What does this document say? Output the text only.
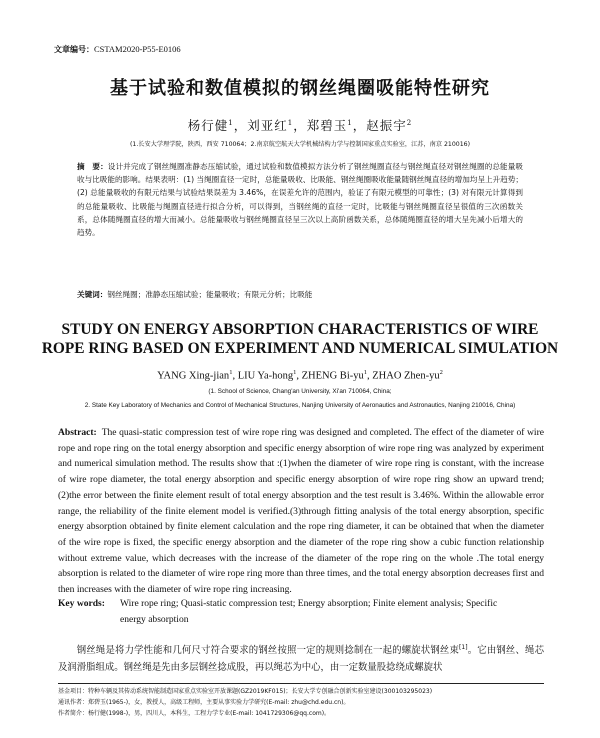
文章编号：CSTAM2020-P55-E0106
基于试验和数值模拟的钢丝绳圈吸能特性研究
杨行健$^1$，刘亚红$^1$，郑碧玉$^1$，赵振宇$^2$
(1.长安大学理学院，陕西，西安 710064；2.南京航空航天大学机械结构力学与控制国家重点实验室，江苏，南京 210016)
摘　要：设计并完成了钢丝绳圈准静态压缩试验，通过试验和数值模拟方法分析了钢丝绳圈直径与钢丝绳直径对钢丝绳圈的总能量吸收与比吸能的影响。结果表明：(1) 当绳圈直径一定时，总能量吸收、比吸能、钢丝绳圈吸收能量随钢丝绳直径的增加均呈上升趋势；(2) 总能量吸收的有限元结果与试验结果误差为 3.46%，在误差允许的范围内，验证了有限元模型的可靠性；(3) 对有限元计算得到的总能量吸收、比吸能与绳圈直径进行拟合分析，可以得到，当钢丝绳的直径一定时，比吸能与钢丝绳圈直径呈很值的三次函数关系，总体随绳圈直径的增大而减小。总能量吸收与钢丝绳圈直径呈三次以上高阶函数关系，总体随绳圈直径的增大呈先减小后增大的趋势。
关键词：钢丝绳圈；准静态压缩试验；能量吸收；有限元分析；比吸能
STUDY ON ENERGY ABSORPTION CHARACTERISTICS OF WIRE ROPE RING BASED ON EXPERIMENT AND NUMERICAL SIMULATION
YANG Xing-jian$^1$, LIU Ya-hong$^1$, ZHENG $Bi-yu^1$, ZHAO Zhen-$yu^2$
(1. School of Science, Chang'an University, Xi'an 710064, China;
2. State Key Laboratory of Mechanics and Control of Mechanical Structures, Nanjing University of Aeronautics and Astronautics, Nanjing 210016, China)
Abstract: The quasi-static compression test of wire rope ring was designed and completed. The effect of the diameter of wire rope and rope ring on the total energy absorption and specific energy absorption of wire rope ring was analyzed by experiment and numerical simulation method. The results show that :(1)when the diameter of wire rope ring is constant, with the increase of wire rope diameter, the total energy absorption and specific energy absorption of wire rope ring show an upward trend;(2)the error between the finite element result of total energy absorption and the test result is 3.46%. Within the allowable error range, the reliability of the finite element model is verified.(3)through fitting analysis of the total energy absorption, specific energy absorption obtained by finite element calculation and the rope ring diameter, it can be obtained that when the diameter of the wire rope is fixed, the specific energy absorption and the diameter of the rope ring show a cubic function relationship without extreme value, which decreases with the increase of the diameter of the rope ring on the whole .The total energy absorption is related to the diameter of wire rope ring more than three times, and the total energy absorption decreases first and then increases with the diameter of wire rope ring increasing.
Key words: Wire rope ring; Quasi-static compression test; Energy absorption; Finite element analysis; Specific
energy absorption
钢丝绳是将力学性能和几何尺寸符合要求的钢丝按照一定的规则捻制在一起的螺旋状钢丝束[1]。它由钢丝、绳芯及润滑脂组成。钢丝绳是先由多层钢丝捻成股，再以绳芯为中心，由一定数量股捻绕成螺旋状
基金项目：特种车辆及其传动系统智能制造国家重点实验室开放课题(GZ2019KF015)；长安大学专创融合创新实验室建设(300103295023)
通讯作者：郑碧玉(1965-)，女，教授人，高级工程师，主要从事实验力学研究(E-mail: zhu@chd.edu.cn)。
作者简介：杨行健(1998-)，男，四川人，本科生，工程力学专业(E-mail: 1041729306@qq.com)。
